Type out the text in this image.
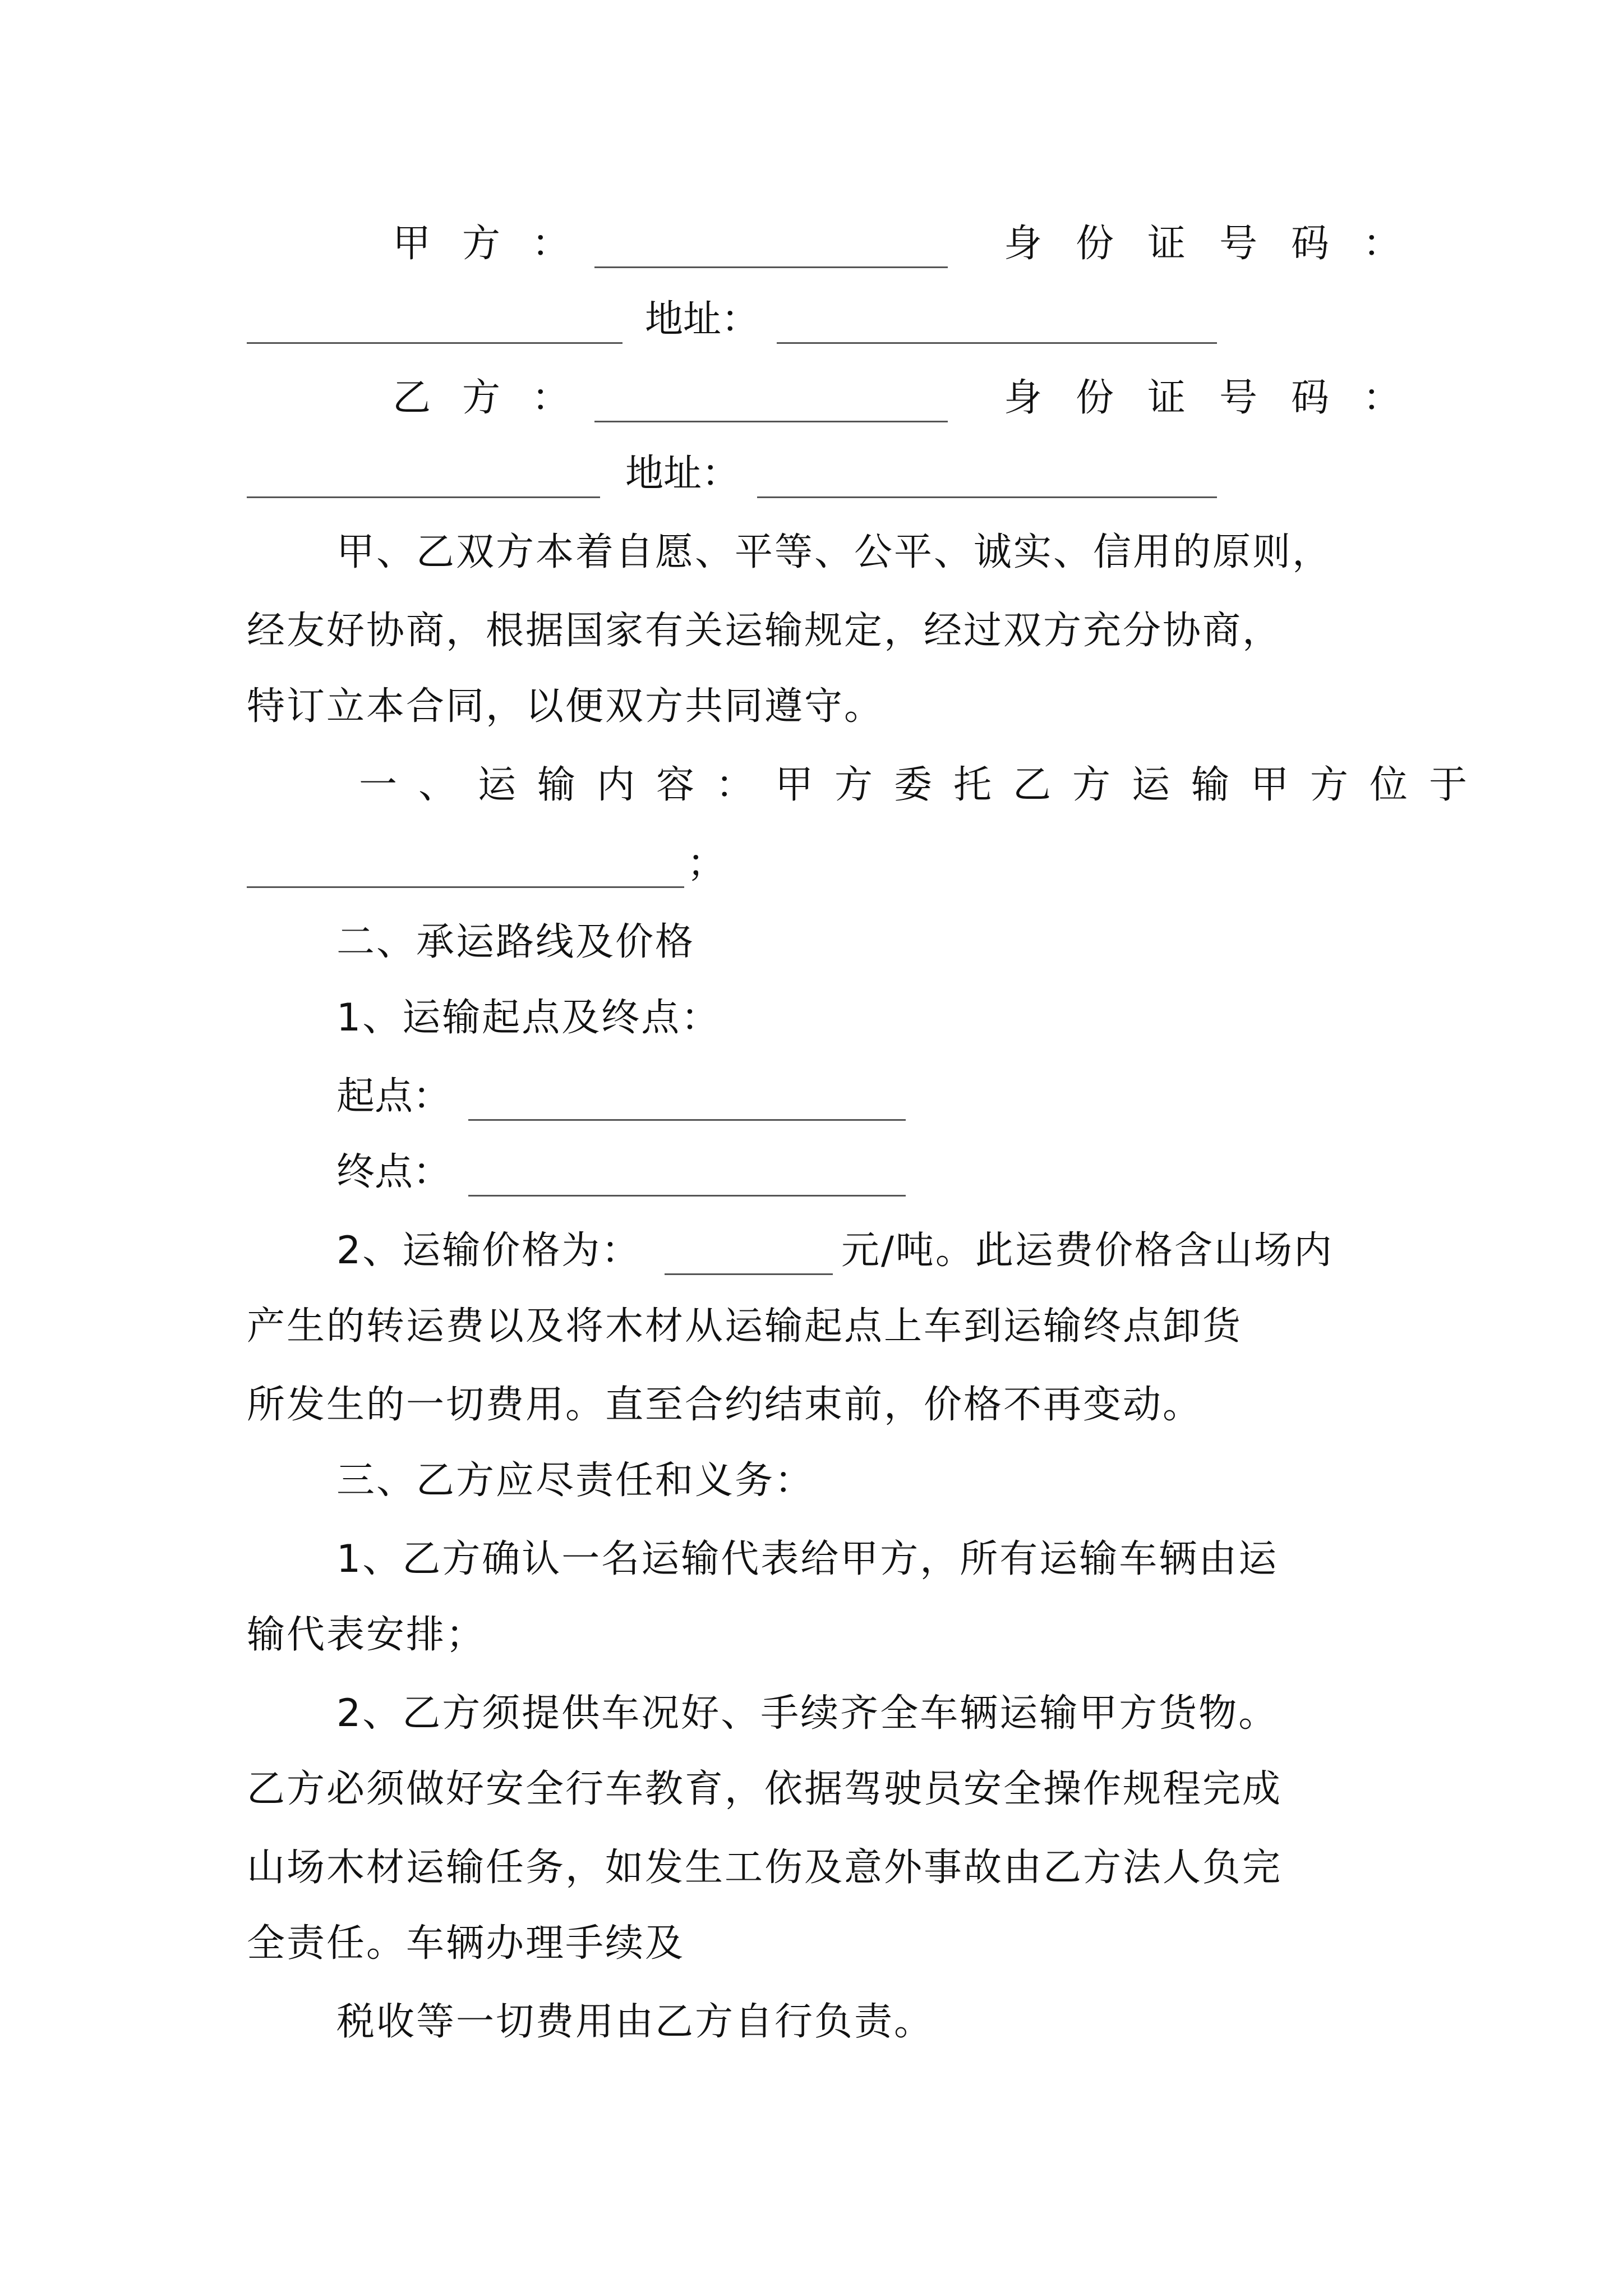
甲方：	身份证号码：
地址：
乙方：	身份证号码：
地址：
甲、乙双方本着自愿、平等、公平、诚实、信用的原则，
经友好协商，根据国家有关运输规定，经过双方充分协商，
特订立本合同，以便双方共同遵守。
一、运输内容：甲方委托乙方运输甲方位于
；
二、承运路线及价格
1、运输起点及终点：
起点：
终点：
2、运输价格为：	元/吨。此运费价格含山场内
产生的转运费以及将木材从运输起点上车到运输终点卸货
所发生的一切费用。直至合约结束前，价格不再变动。
三、乙方应尽责任和义务：
1、乙方确认一名运输代表给甲方，所有运输车辆由运
输代表安排；
2、乙方须提供车况好、手续齐全车辆运输甲方货物。
乙方必须做好安全行车教育，依据驾驶员安全操作规程完成
山场木材运输任务，如发生工伤及意外事故由乙方法人负完
全责任。车辆办理手续及
税收等一切费用由乙方自行负责。
